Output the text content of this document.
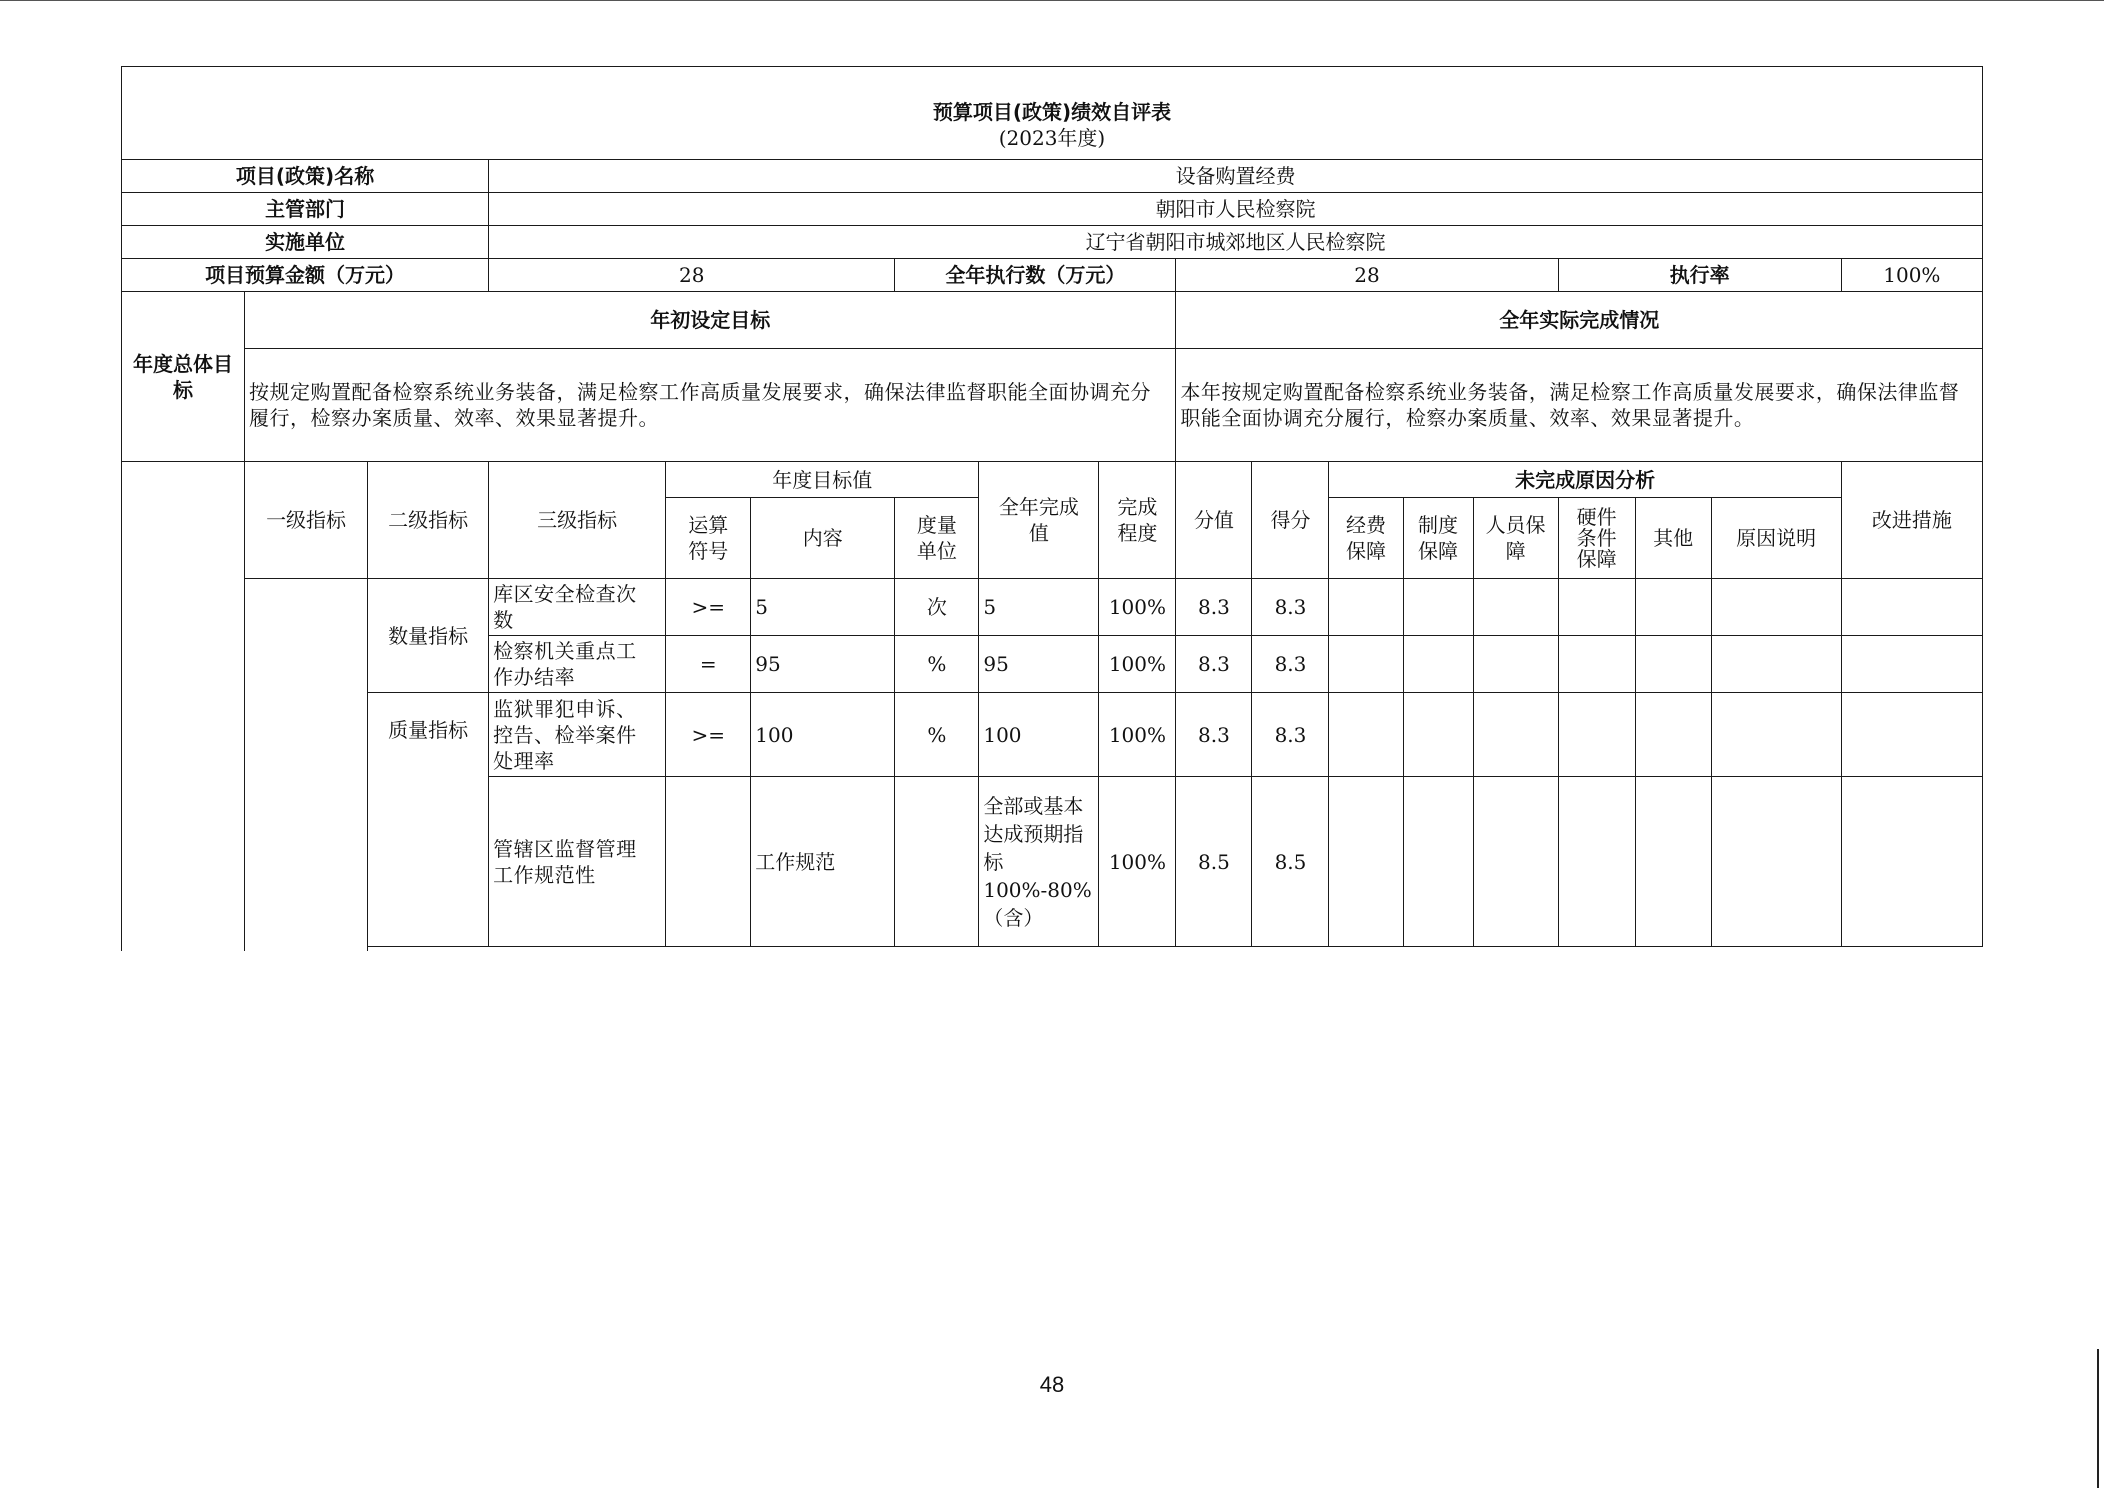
预算项目(政策)绩效自评表																	
(2023年度)																	
项目(政策)名称			设备购置经费														
主管部门			朝阳市人民检察院														
实施单位			辽宁省朝阳市城郊地区人民检察院														
项目预算金额（万元）			28			全年执行数（万元）			28					执行率			100%
年度总体目标	年初设定目标								全年实际完成情况								
	按规定购置配备检察系统业务装备，满足检察工作高质量发展要求，确保法律监督职能全面协调充分履行，检察办案质量、效率、效果显著提升。								本年按规定购置配备检察系统业务装备，满足检察工作高质量发展要求，确保法律监督职能全面协调充分履行，检察办案质量、效率、效果显著提升。								
	一级指标	二级指标	三级指标	年度目标值			全年完成值	完成程度	分值	得分	未完成原因分析						改进措施

				运算符号	内容	度量单位					经费保障	制度保障	人员保障	硬件条件保障	其他	原因说明	
		数量指标	库区安全检查次数	>=	5	次	5	100%	8.3	8.3							

			检察机关重点工作办结率	=	95	%	95	100%	8.3	8.3							
		质量指标	监狱罪犯申诉、控告、检举案件处理率	>=	100	%	100	100%	8.3	8.3							

			管辖区监督管理工作规范性		工作规范		全部或基本达成预期指标100%-80%（含）	100%	8.5	8.5							

48
